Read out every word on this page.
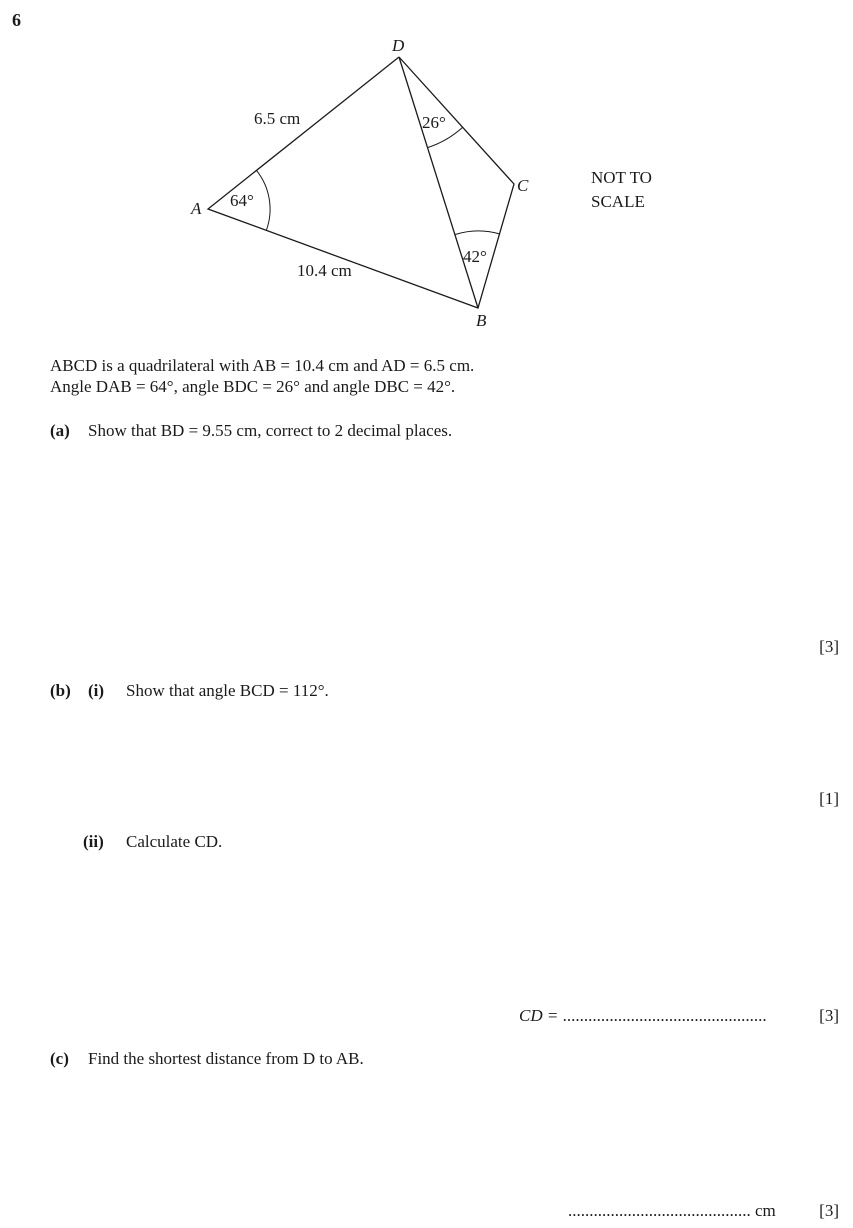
6
D
A
B
C
6.5 cm
10.4 cm
64°
26°
42°
NOT TO
SCALE
ABCD is a quadrilateral with AB = 10.4 cm and AD = 6.5 cm.
Angle DAB = 64°, angle BDC = 26° and angle DBC = 42°.
(a) Show that BD = 9.55 cm, correct to 2 decimal places.
[3]
(b) (i) Show that angle BCD = 112°.
[1]
(ii) Calculate CD.
CD = ................................................	[3]
(c) Find the shortest distance from D to AB.
........................................... cm	[3]
